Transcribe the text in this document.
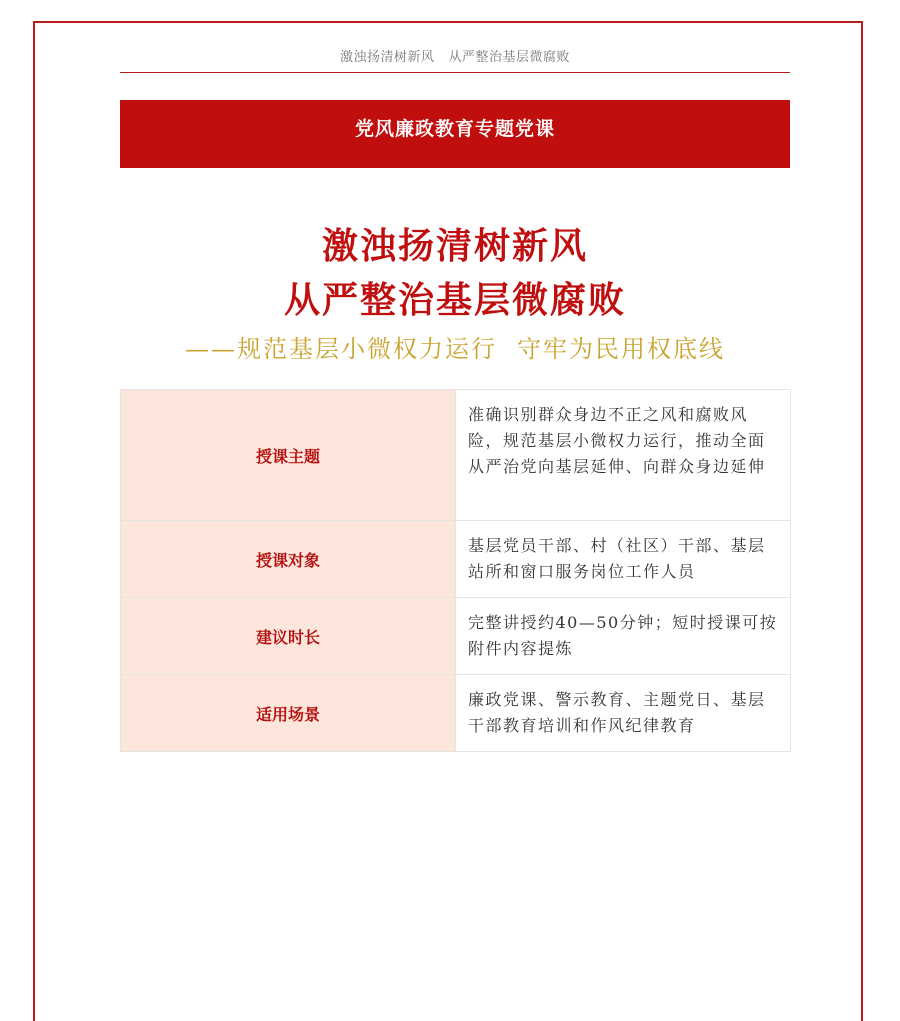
激浊扬清树新风 从严整治基层微腐败
党风廉政教育专题党课
激浊扬清树新风
从严整治基层微腐败
——规范基层小微权力运行 守牢为民用权底线
授课主题	准确识别群众身边不正之风和腐败风险，规范基层小微权力运行，推动全面从严治党向基层延伸、向群众身边延伸
授课对象	基层党员干部、村（社区）干部、基层站所和窗口服务岗位工作人员
建议时长	完整讲授约40—50分钟；短时授课可按附件内容提炼
适用场景	廉政党课、警示教育、主题党日、基层干部教育培训和作风纪律教育
